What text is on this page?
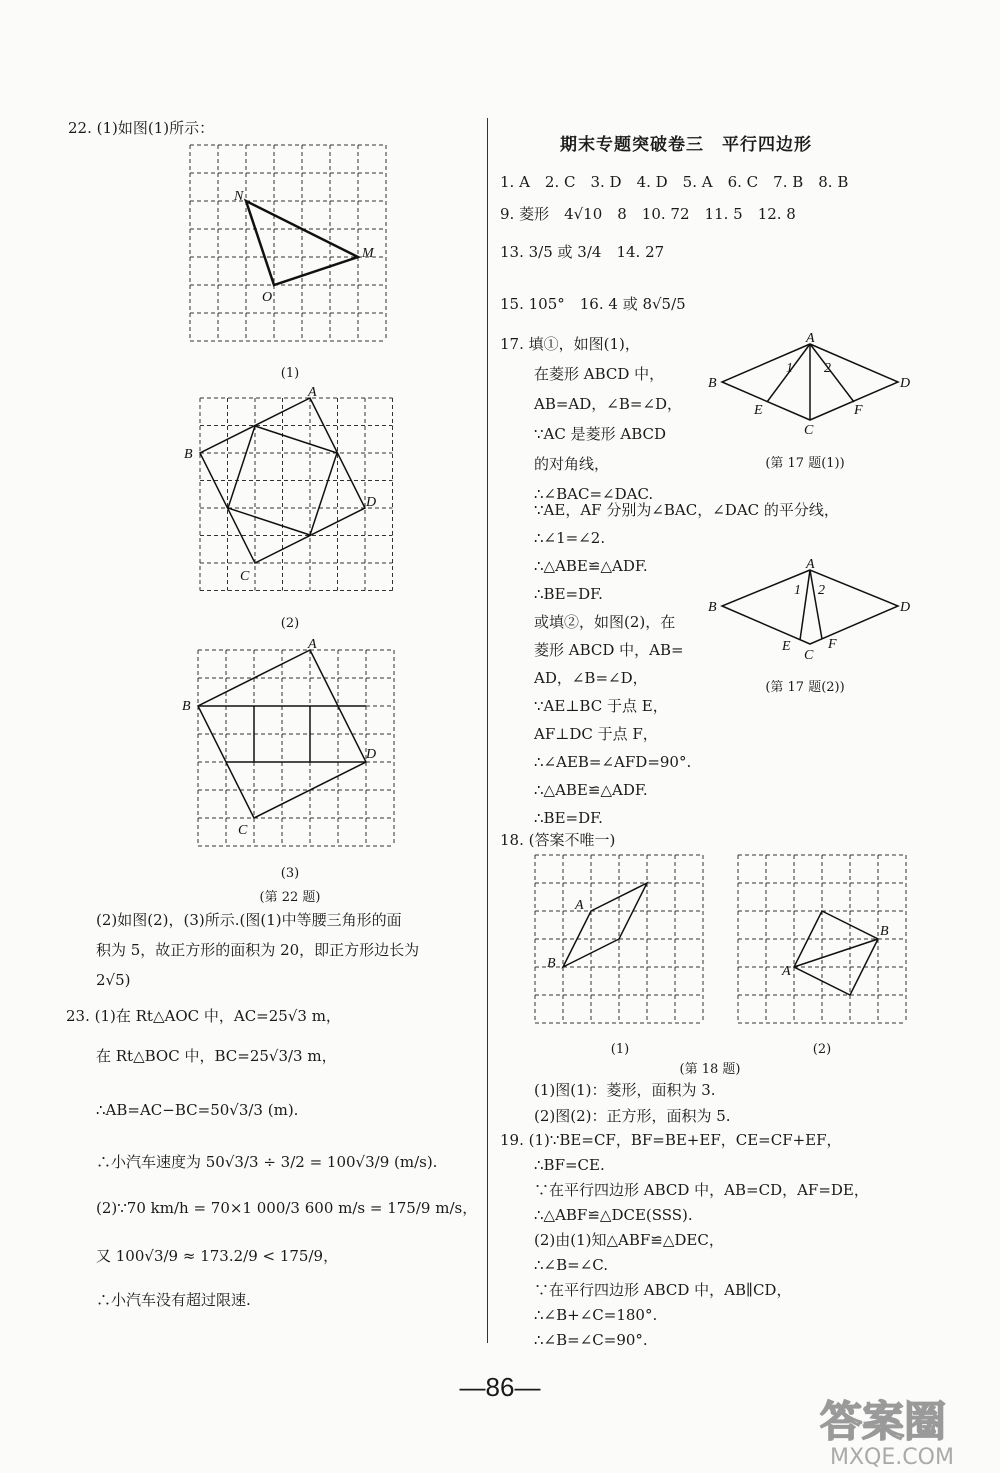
22. (1)如图(1)所示：
N
M
O
(1)
A
B
C
D
(2)
A
B
C
D
(3)
(第 22 题)
(2)如图(2)，(3)所示.(图(1)中等腰三角形的面
积为 5，故正方形的面积为 20，即正方形边长为
2√5)
23. (1)在 Rt△AOC 中，AC=25√3 m，
在 Rt△BOC 中，BC=25√3/3 m，
∴AB=AC−BC=50√3/3 (m).
∴小汽车速度为 50√3/3 ÷ 3/2 = 100√3/9 (m/s).
(2)∵70 km/h = 70×1 000/3 600 m/s = 175/9 m/s，
又 100√3/9 ≈ 173.2/9 < 175/9，
∴小汽车没有超过限速.
期末专题突破卷三　平行四边形
1. A　2. C　3. D　4. D　5. A　6. C　7. B　8. B
9. 菱形　4√10　8　10. 72　11. 5　12. 8
13. 3/5 或 3/4　14. 27
15. 105°　16. 4 或 8√5/5
17. 填①，如图(1)，
在菱形 ABCD 中，
AB=AD，∠B=∠D，
∵AC 是菱形 ABCD
的对角线，
∴∠BAC=∠DAC.
∵AE，AF 分别为∠BAC，∠DAC 的平分线，
∴∠1=∠2.
∴△ABE≌△ADF.
∴BE=DF.
或填②，如图(2)，在
菱形 ABCD 中，AB=
AD，∠B=∠D，
∵AE⊥BC 于点 E，
AF⊥DC 于点 F，
∴∠AEB=∠AFD=90°.
∴△ABE≌△ADF.
∴BE=DF.
A
B
C
D
E	F
1 2
(第 17 题(1))
A
B
C
D
E	F
1 2
(第 17 题(2))
18. (答案不唯一)
A
B
A
B
(1)	(2)
(第 18 题)
(1)图(1)：菱形，面积为 3.
(2)图(2)：正方形，面积为 5.
19. (1)∵BE=CF，BF=BE+EF，CE=CF+EF，
∴BF=CE.
∵在平行四边形 ABCD 中，AB=CD，AF=DE，
∴△ABF≌△DCE(SSS).
(2)由(1)知△ABF≌△DEC，
∴∠B=∠C.
∵在平行四边形 ABCD 中，AB∥CD，
∴∠B+∠C=180°.
∴∠B=∠C=90°.
—86—
答案圈
MXQE.COM
